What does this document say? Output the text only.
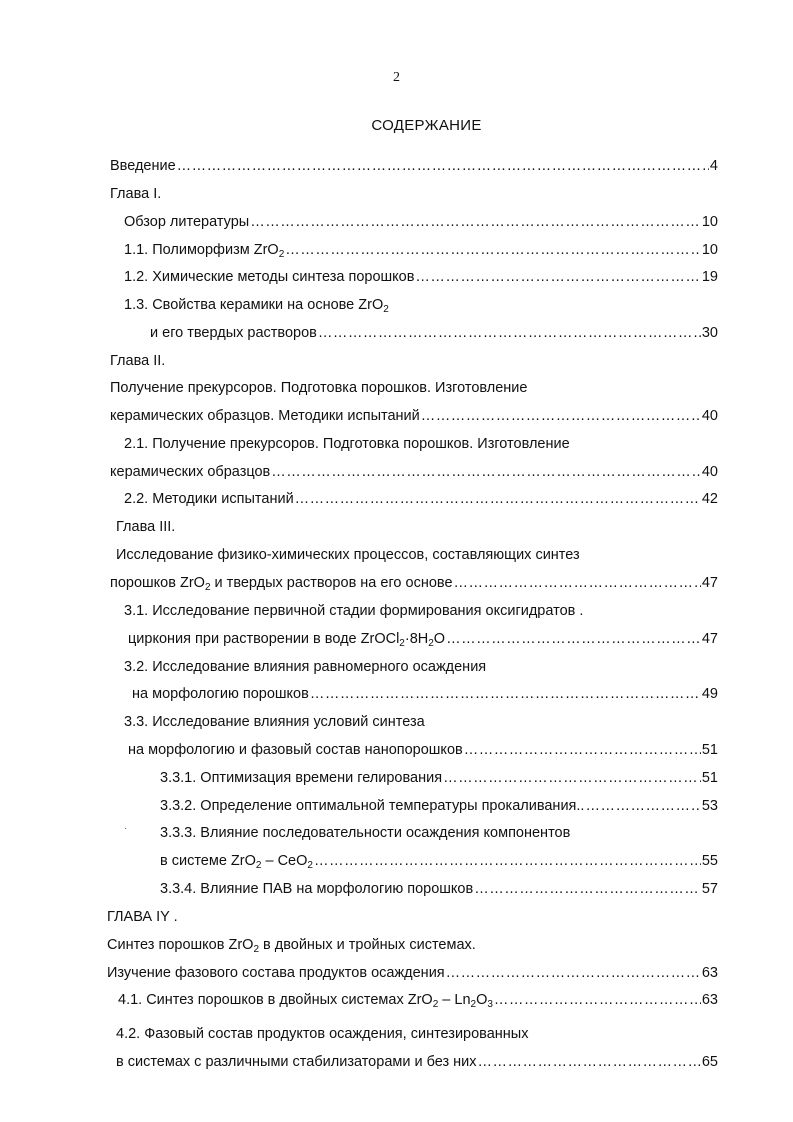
2
СОДЕРЖАНИЕ
Введение ……………………………………………………………………………………………………………………………………………………	4
Глава I.
Обзор литературы ……………………………………………………………………………………………………………………………………………………	10
1.1. Полиморфизм ZrO$_2$ ……………………………………………………………………………………………………………………………………………………	10
1.2. Химические методы синтеза порошков ……………………………………………………………………………………………………………………………………………………	19
1.3. Свойства керамики на основе ZrO$_2$
и его твердых растворов ……………………………………………………………………………………………………………………………………………………	30
Глава II.
Получение прекурсоров. Подготовка порошков. Изготовление
керамических образцов. Методики испытаний ……………………………………………………………………………………………………………………………………………………	40
2.1. Получение прекурсоров. Подготовка порошков. Изготовление
керамических образцов ……………………………………………………………………………………………………………………………………………………	40
2.2. Методики испытаний ……………………………………………………………………………………………………………………………………………………	42
Глава III.
Исследование физико-химических процессов, составляющих синтез
порошков ZrO$_2$ и твердых растворов на его основе ……………………………………………………………………………………………………………………………………………………	47
3.1. Исследование первичной стадии формирования оксигидратов .
циркония при растворении в воде $ZrOCl_2\cdot 8H_2O$ ……………………………………………………………………………………………………………………………………………………	47
3.2. Исследование влияния равномерного осаждения
на морфологию порошков ……………………………………………………………………………………………………………………………………………………	49
3.3. Исследование влияния условий синтеза
на морфологию и фазовый состав нанопорошков ……………………………………………………………………………………………………………………………………………………	51
3.3.1. Оптимизация времени гелирования ……………………………………………………………………………………………………………………………………………………	51
3.3.2. Определение оптимальной температуры прокаливания.. ……………………………………………………………………………………………………………………………………………………	53
3.3.3. Влияние последовательности осаждения компонентов
в системе ZrO$_2$ – CeO$_2$ ……………………………………………………………………………………………………………………………………………………	55
3.3.4. Влияние ПАВ на морфологию порошков ……………………………………………………………………………………………………………………………………………………	57
ГЛАВА IY .
Синтез порошков ZrO$_2$ в двойных и тройных системах.
Изучение фазового состава продуктов осаждения ……………………………………………………………………………………………………………………………………………………	63
4.1. Синтез порошков в двойных системах $ZrO_2 - Ln_2O_3$ ……………………………………………………………………………………………………………………………………………………	63
4.2. Фазовый состав продуктов осаждения, синтезированных
в системах с различными стабилизаторами и без них ……………………………………………………………………………………………………………………………………………………	65
·
